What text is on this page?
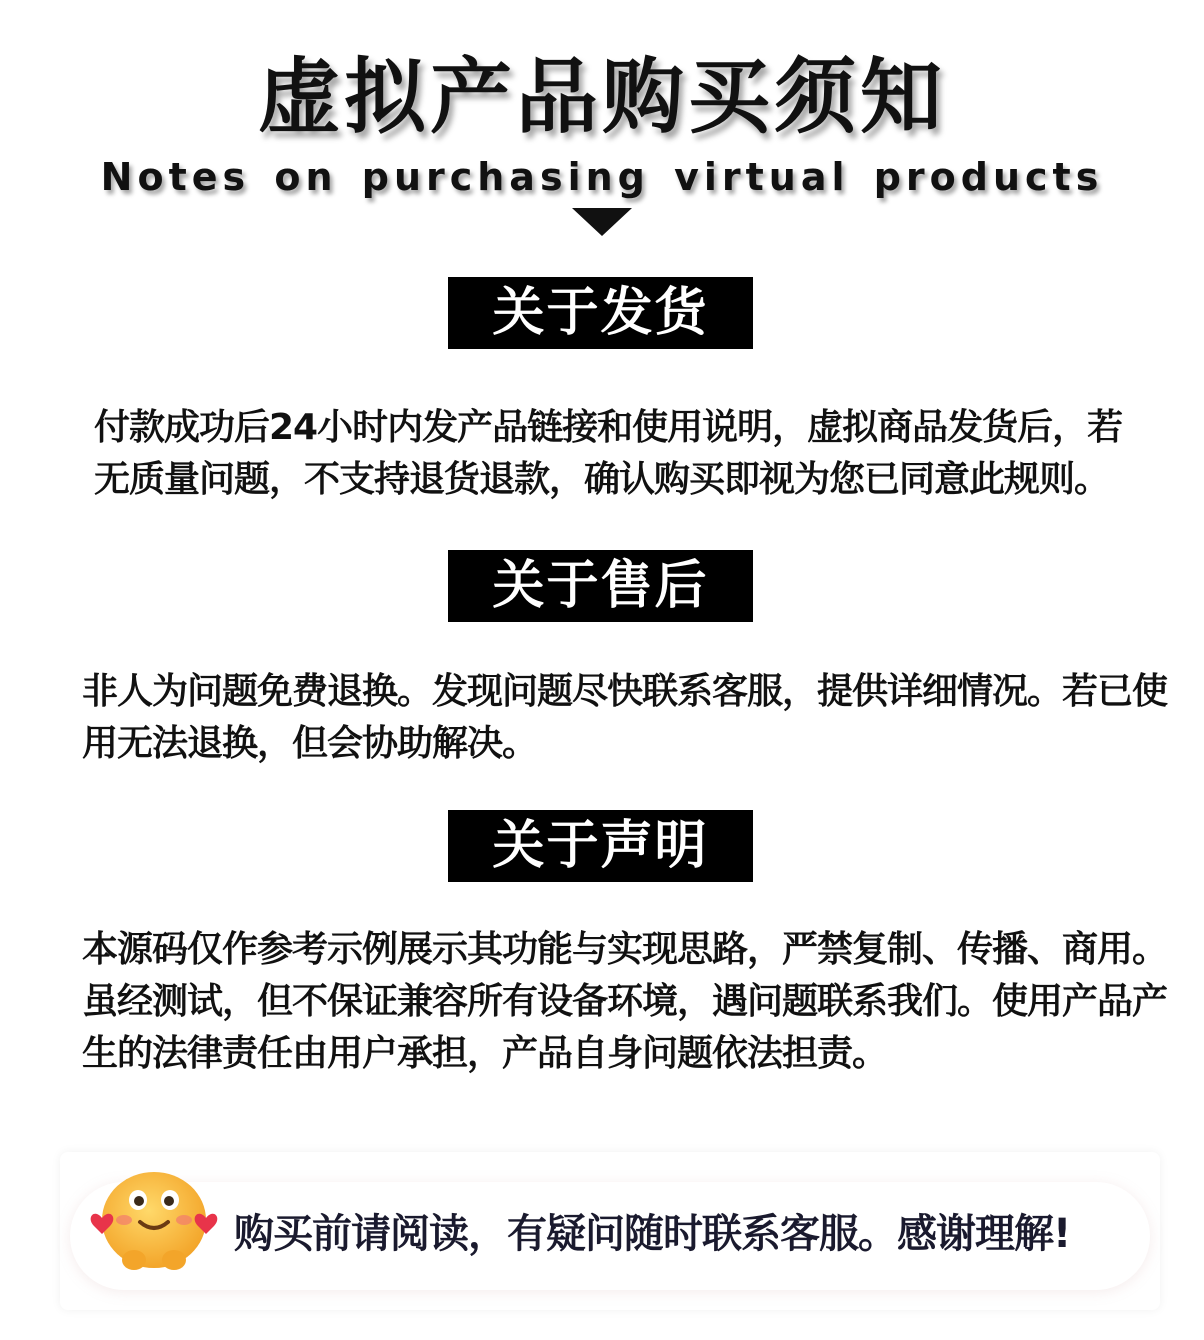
虚拟产品购买须知
Notes on purchasing virtual products
关于发货
付款成功后24小时内发产品链接和使用说明，虚拟商品发货后，若无质量问题，不支持退货退款，确认购买即视为您已同意此规则。
关于售后
非人为问题免费退换。发现问题尽快联系客服，提供详细情况。若已使用无法退换，但会协助解决。
关于声明
本源码仅作参考示例展示其功能与实现思路，严禁复制、传播、商用。虽经测试，但不保证兼容所有设备环境，遇问题联系我们。使用产品产生的法律责任由用户承担，产品自身问题依法担责。
购买前请阅读，有疑问随时联系客服。感谢理解!
